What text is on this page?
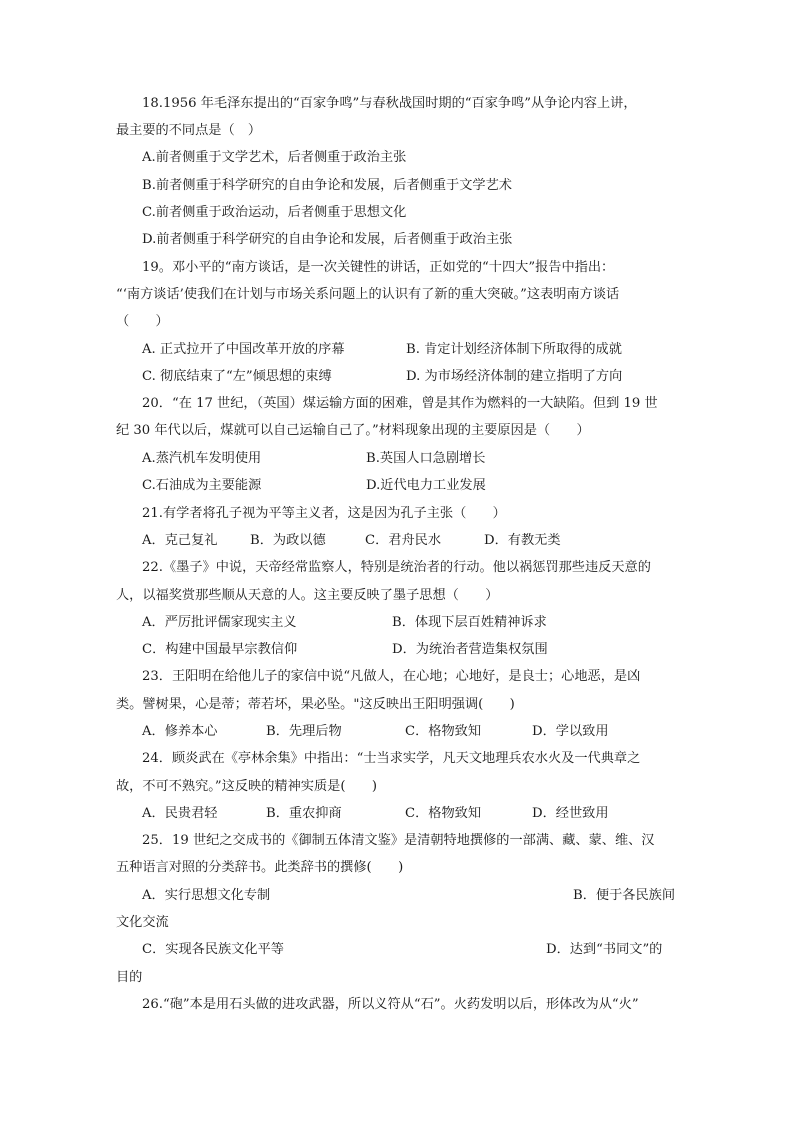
18.1956 年毛泽东提出的“百家争鸣”与春秋战国时期的“百家争鸣”从争论内容上讲，
最主要的不同点是（　）
A.前者侧重于文学艺术，后者侧重于政治主张
B.前者侧重于科学研究的自由争论和发展，后者侧重于文学艺术
C.前者侧重于政治运动，后者侧重于思想文化
D.前者侧重于科学研究的自由争论和发展，后者侧重于政治主张
19。邓小平的“南方谈话，是一次关键性的讲话，正如党的“十四大”报告中指出：
“‘南方谈话’使我们在计划与市场关系问题上的认识有了新的重大突破。”这表明南方谈话
（　　）
A. 正式拉开了中国改革开放的序幕	B. 肯定计划经济体制下所取得的成就
C. 彻底结束了“左”倾思想的束缚	D. 为市场经济体制的建立指明了方向
20．“在 17 世纪，（英国）煤运输方面的困难，曾是其作为燃料的一大缺陷。但到 19 世
纪 30 年代以后，煤就可以自己运输自己了。”材料现象出现的主要原因是（　　）
A.蒸汽机车发明使用	B.英国人口急剧增长
C.石油成为主要能源	D.近代电力工业发展
21.有学者将孔子视为平等主义者，这是因为孔子主张（　　）
A．克己复礼 B．为政以德	C．君舟民水	D．有教无类
22.《墨子》中说，天帝经常监察人，特别是统治者的行动。他以祸惩罚那些违反天意的
人，以福奖赏那些顺从天意的人。这主要反映了墨子思想（　　）
A．严厉批评儒家现实主义	B．体现下层百姓精神诉求
C．构建中国最早宗教信仰	D．为统治者营造集权氛围
23．王阳明在给他儿子的家信中说“凡做人，在心地；心地好，是良士；心地恶，是凶
类。譬树果，心是蒂；蒂若坏，果必坠。"这反映出王阳明强调(　　)
A．修养本心	B．先理后物	C．格物致知	D．学以致用
24．顾炎武在《亭林余集》中指出：“士当求实学，凡天文地理兵农水火及一代典章之
故，不可不熟究。”这反映的精神实质是(　　)
A．民贵君轻	B．重农抑商	C．格物致知	D．经世致用
25．19 世纪之交成书的《御制五体清文鉴》是清朝特地撰修的一部满、藏、蒙、维、汉
五种语言对照的分类辞书。此类辞书的撰修(　　)
A．实行思想文化专制	B．便于各民族间
文化交流
C．实现各民族文化平等	D．达到“书同文”的
目的
26.“砲”本是用石头做的进攻武器，所以义符从“石”。火药发明以后，形体改为从“火”
